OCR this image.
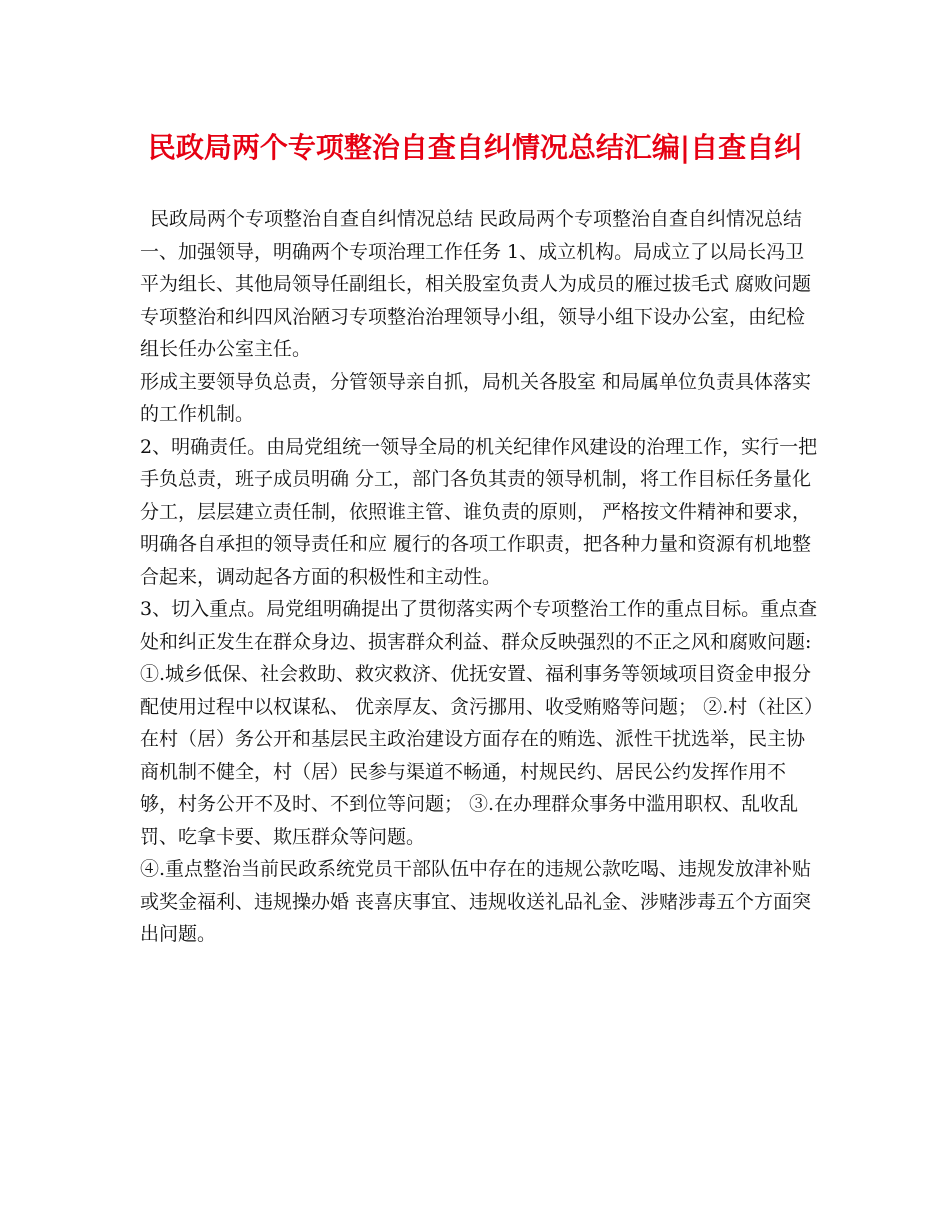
民政局两个专项整治自查自纠情况总结汇编|自查自纠

民政局两个专项整治自查自纠情况总结 民政局两个专项整治自查自纠情况总结 一、加强领导，明确两个专项治理工作任务 1、成立机构。局成立了以局长冯卫平为组长、其他局领导任副组长，相关股室负责人为成员的雁过拔毛式 腐败问题专项整治和纠四风治陋习专项整治治理领导小组，领导小组下设办公室，由纪检组长任办公室主任。

形成主要领导负总责，分管领导亲自抓，局机关各股室 和局属单位负责具体落实的工作机制。

2、明确责任。由局党组统一领导全局的机关纪律作风建设的治理工作，实行一把手负总责，班子成员明确 分工，部门各负其责的领导机制，将工作目标任务量化 分工，层层建立责任制，依照谁主管、谁负责的原则， 严格按文件精神和要求，明确各自承担的领导责任和应 履行的各项工作职责，把各种力量和资源有机地整合起来，调动起各方面的积极性和主动性。

3、切入重点。局党组明确提出了贯彻落实两个专项整治工作的重点目标。重点查处和纠正发生在群众身边、损害群众利益、群众反映强烈的不正之风和腐败问题: ①.城乡低保、社会救助、救灾救济、优抚安置、福利事务等领域项目资金申报分配使用过程中以权谋私、 优亲厚友、贪污挪用、收受贿赂等问题； ②.村（社区）在村（居）务公开和基层民主政治建设方面存在的贿选、派性干扰选举，民主协商机制不健全，村（居）民参与渠道不畅通，村规民约、居民公约发挥作用不够，村务公开不及时、不到位等问题； ③.在办理群众事务中滥用职权、乱收乱罚、吃拿卡要、欺压群众等问题。

④.重点整治当前民政系统党员干部队伍中存在的违规公款吃喝、违规发放津补贴或奖金福利、违规操办婚 丧喜庆事宜、违规收送礼品礼金、涉赌涉毒五个方面突 出问题。
